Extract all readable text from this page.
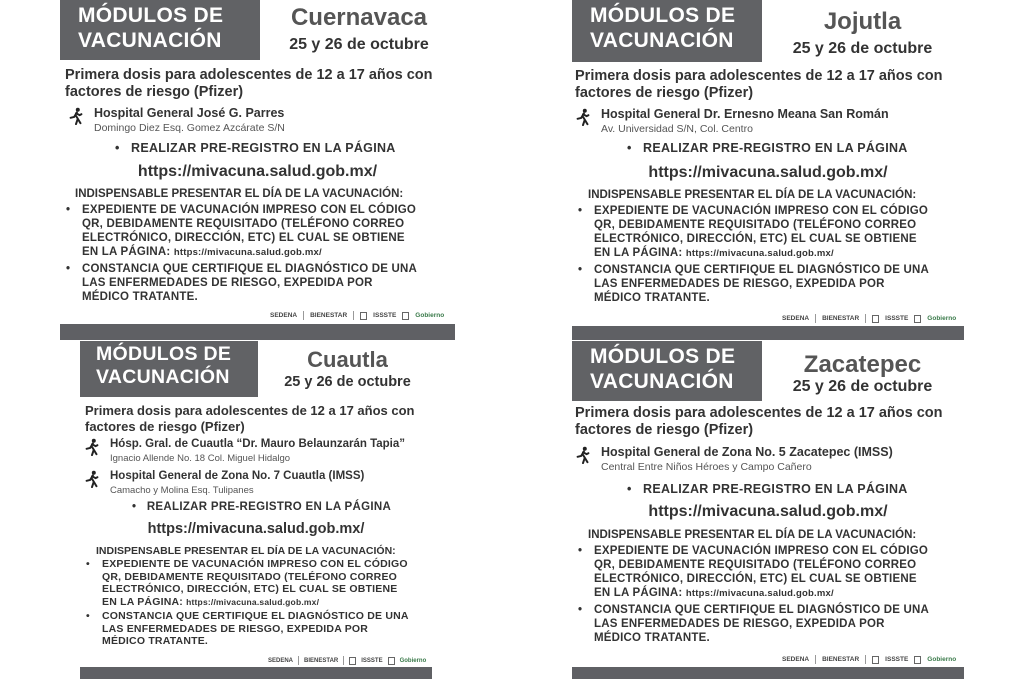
MÓDULOS DE
VACUNACIÓN
Cuernavaca
25 y 26 de octubre
Primera dosis para adolescentes de 12 a 17 años con
factores de riesgo (Pfizer)
Hospital General José G. Parres
Domingo Diez Esq. Gomez Azcárate S/N
• REALIZAR PRE-REGISTRO EN LA PÁGINA
https://mivacuna.salud.gob.mx/
INDISPENSABLE PRESENTAR EL DÍA DE LA VACUNACIÓN:
• EXPEDIENTE DE VACUNACIÓN IMPRESO CON EL CÓDIGO
QR, DEBIDAMENTE REQUISITADO (TELÉFONO CORREO
ELECTRÓNICO, DIRECCIÓN, ETC) EL CUAL SE OBTIENE
EN LA PÁGINA: https://mivacuna.salud.gob.mx/
• CONSTANCIA QUE CERTIFIQUE EL DIAGNÓSTICO DE UNA
LAS ENFERMEDADES DE RIESGO, EXPEDIDA POR
MÉDICO TRATANTE.
SEDENA BIENESTAR	ISSSTE	Gobierno
MÓDULOS DE
VACUNACIÓN
Jojutla
25 y 26 de octubre
Primera dosis para adolescentes de 12 a 17 años con
factores de riesgo (Pfizer)
Hospital General Dr. Ernesno Meana San Román
Av. Universidad S/N, Col. Centro
• REALIZAR PRE-REGISTRO EN LA PÁGINA
https://mivacuna.salud.gob.mx/
INDISPENSABLE PRESENTAR EL DÍA DE LA VACUNACIÓN:
• EXPEDIENTE DE VACUNACIÓN IMPRESO CON EL CÓDIGO
QR, DEBIDAMENTE REQUISITADO (TELÉFONO CORREO
ELECTRÓNICO, DIRECCIÓN, ETC) EL CUAL SE OBTIENE
EN LA PÁGINA: https://mivacuna.salud.gob.mx/
• CONSTANCIA QUE CERTIFIQUE EL DIAGNÓSTICO DE UNA
LAS ENFERMEDADES DE RIESGO, EXPEDIDA POR
MÉDICO TRATANTE.
SEDENA BIENESTAR	ISSSTE	Gobierno
MÓDULOS DE
VACUNACIÓN
Cuautla
25 y 26 de octubre
Primera dosis para adolescentes de 12 a 17 años con
factores de riesgo (Pfizer)
Hósp. Gral. de Cuautla “Dr. Mauro Belaunzarán Tapia”
Ignacio Allende No. 18 Col. Miguel Hidalgo
Hospital General de Zona No. 7 Cuautla (IMSS)
Camacho y Molina Esq. Tulipanes
• REALIZAR PRE-REGISTRO EN LA PÁGINA
https://mivacuna.salud.gob.mx/
INDISPENSABLE PRESENTAR EL DÍA DE LA VACUNACIÓN:
• EXPEDIENTE DE VACUNACIÓN IMPRESO CON EL CÓDIGO
QR, DEBIDAMENTE REQUISITADO (TELÉFONO CORREO
ELECTRÓNICO, DIRECCIÓN, ETC) EL CUAL SE OBTIENE
EN LA PÁGINA: https://mivacuna.salud.gob.mx/
• CONSTANCIA QUE CERTIFIQUE EL DIAGNÓSTICO DE UNA
LAS ENFERMEDADES DE RIESGO, EXPEDIDA POR
MÉDICO TRATANTE.
SEDENA BIENESTAR	ISSSTE	Gobierno
MÓDULOS DE
VACUNACIÓN
Zacatepec
25 y 26 de octubre
Primera dosis para adolescentes de 12 a 17 años con
factores de riesgo (Pfizer)
Hospital General de Zona No. 5 Zacatepec (IMSS)
Central Entre Niños Héroes y Campo Cañero
• REALIZAR PRE-REGISTRO EN LA PÁGINA
https://mivacuna.salud.gob.mx/
INDISPENSABLE PRESENTAR EL DÍA DE LA VACUNACIÓN:
• EXPEDIENTE DE VACUNACIÓN IMPRESO CON EL CÓDIGO
QR, DEBIDAMENTE REQUISITADO (TELÉFONO CORREO
ELECTRÓNICO, DIRECCIÓN, ETC) EL CUAL SE OBTIENE
EN LA PÁGINA: https://mivacuna.salud.gob.mx/
• CONSTANCIA QUE CERTIFIQUE EL DIAGNÓSTICO DE UNA
LAS ENFERMEDADES DE RIESGO, EXPEDIDA POR
MÉDICO TRATANTE.
SEDENA BIENESTAR	ISSSTE	Gobierno
